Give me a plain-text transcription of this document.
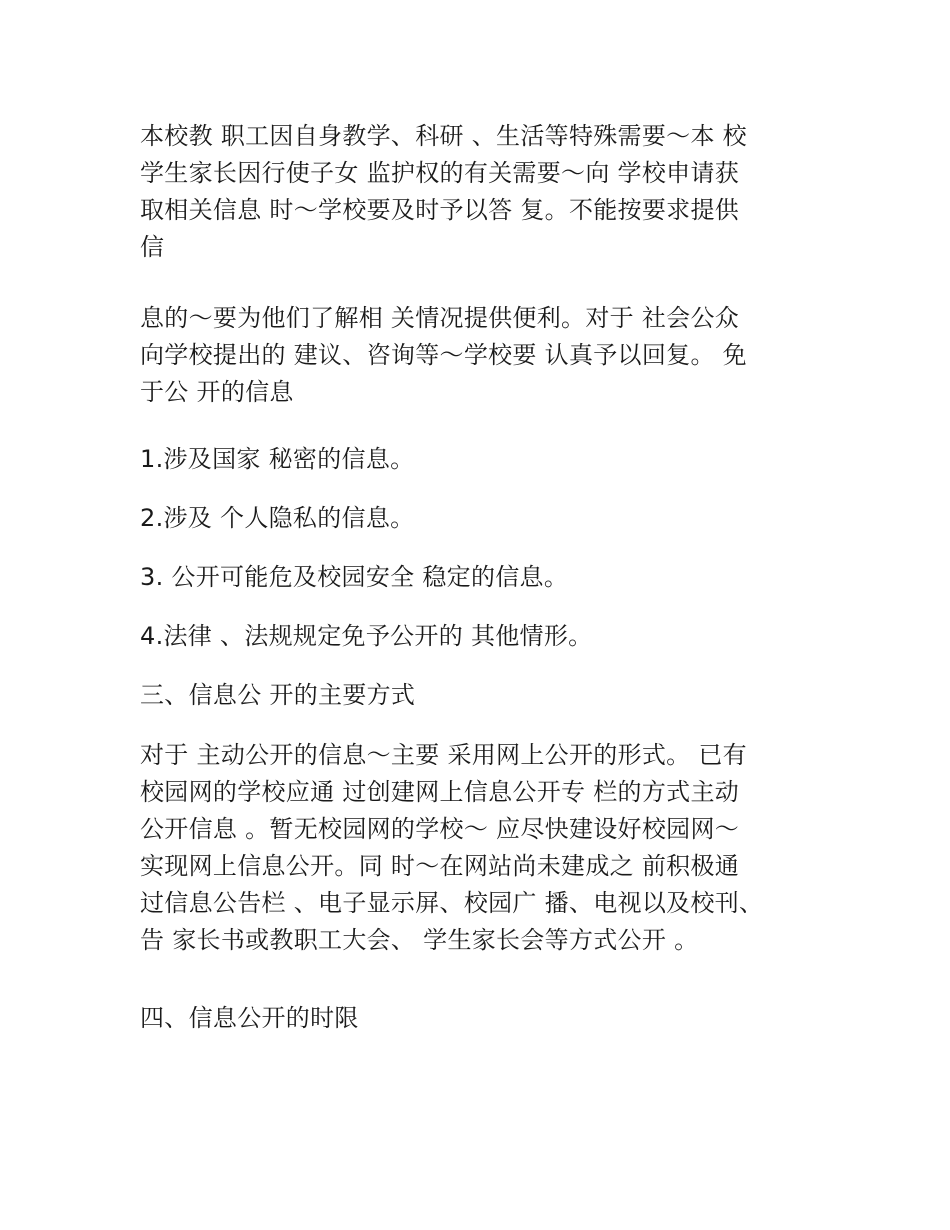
本校教 职工因自身教学、科研 、生活等特殊需要～本 校
学生家长因行使子女 监护权的有关需要～向 学校申请获
取相关信息 时～学校要及时予以答 复。不能按要求提供
信

息的～要为他们了解相 关情况提供便利。对于 社会公众
向学校提出的 建议、咨询等～学校要 认真予以回复。 免
于公 开的信息

1.涉及国家 秘密的信息。

2.涉及 个人隐私的信息。

3. 公开可能危及校园安全 稳定的信息。

4.法律 、法规规定免予公开的 其他情形。

三、信息公 开的主要方式

对于 主动公开的信息～主要 采用网上公开的形式。 已有
校园网的学校应通 过创建网上信息公开专 栏的方式主动
公开信息 。暂无校园网的学校～ 应尽快建设好校园网～
实现网上信息公开。同 时～在网站尚未建成之 前积极通
过信息公告栏 、电子显示屏、校园广 播、电视以及校刊、
告 家长书或教职工大会、 学生家长会等方式公开 。

四、信息公开的时限
